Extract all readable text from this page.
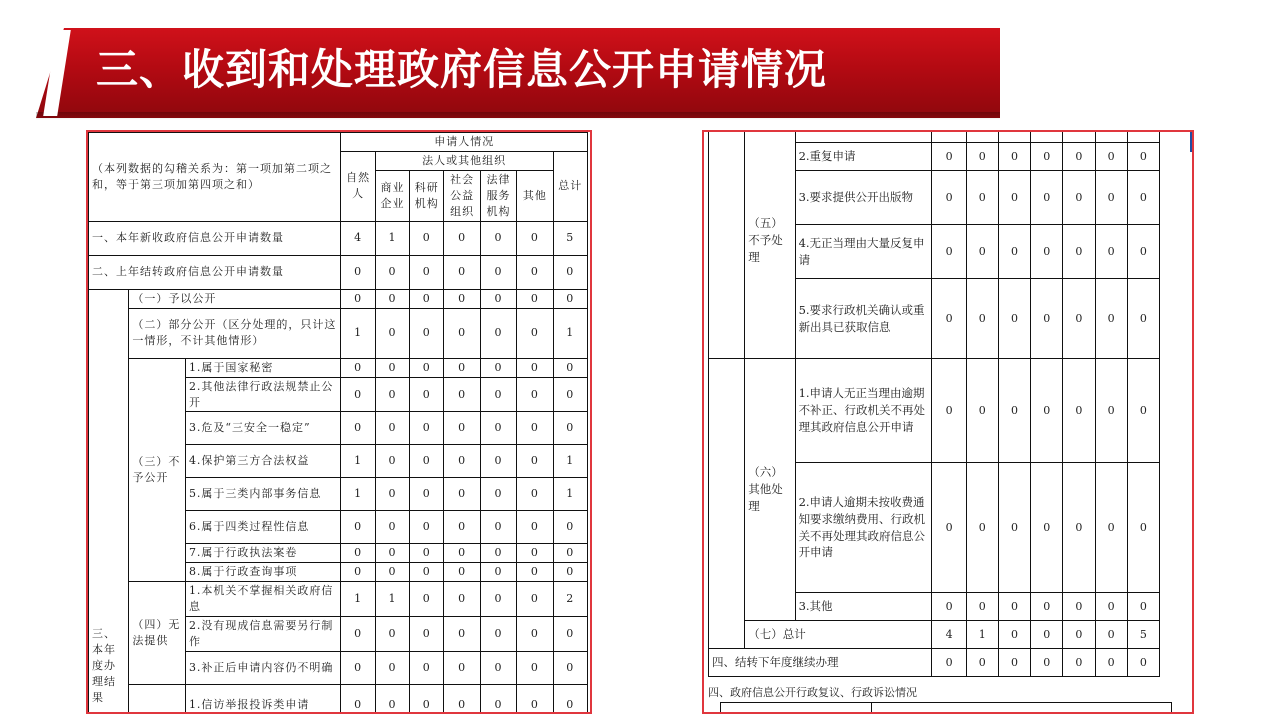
三、收到和处理政府信息公开申请情况
（本列数据的勾稽关系为：第一项加第二项之和，等于第三项加第四项之和）			申请人情况						
			自然人	法人或其他组织					总计
				商业企业	科研机构	社会公益组织	法律服务机构	其他	
一、本年新收政府信息公开申请数量			4	1	0	0	0	0	5
二、上年结转政府信息公开申请数量			0	0	0	0	0	0	0
三、本年度办理结果	（一）予以公开		0	0	0	0	0	0	0
	（二）部分公开（区分处理的，只计这一情形，不计其他情形）		1	0	0	0	0	0	1
	（三）不予公开	1.属于国家秘密	0	0	0	0	0	0	0
		2.其他法律行政法规禁止公开	0	0	0	0	0	0	0
		3.危及“三安全一稳定”	0	0	0	0	0	0	0
		4.保护第三方合法权益	1	0	0	0	0	0	1
		5.属于三类内部事务信息	1	0	0	0	0	0	1
		6.属于四类过程性信息	0	0	0	0	0	0	0
		7.属于行政执法案卷	0	0	0	0	0	0	0
		8.属于行政查询事项	0	0	0	0	0	0	0
	（四）无法提供	1.本机关不掌握相关政府信息	1	1	0	0	0	0	2
		2.没有现成信息需要另行制作	0	0	0	0	0	0	0
		3.补正后申请内容仍不明确	0	0	0	0	0	0	0
		1.信访举报投诉类申请	0	0	0	0	0	0	0
	（五）不予处理								
		2.重复申请	0	0	0	0	0	0	0
		3.要求提供公开出版物	0	0	0	0	0	0	0
		4.无正当理由大量反复申请	0	0	0	0	0	0	0
		5.要求行政机关确认或重新出具已获取信息	0	0	0	0	0	0	0
	（六）其他处理	1.申请人无正当理由逾期不补正、行政机关不再处理其政府信息公开申请	0	0	0	0	0	0	0
		2.申请人逾期未按收费通知要求缴纳费用、行政机关不再处理其政府信息公开申请	0	0	0	0	0	0	0
		3.其他	0	0	0	0	0	0	0
	（七）总计		4	1	0	0	0	0	5
四、结转下年度继续办理			0	0	0	0	0	0	0
四、政府信息公开行政复议、行政诉讼情况
